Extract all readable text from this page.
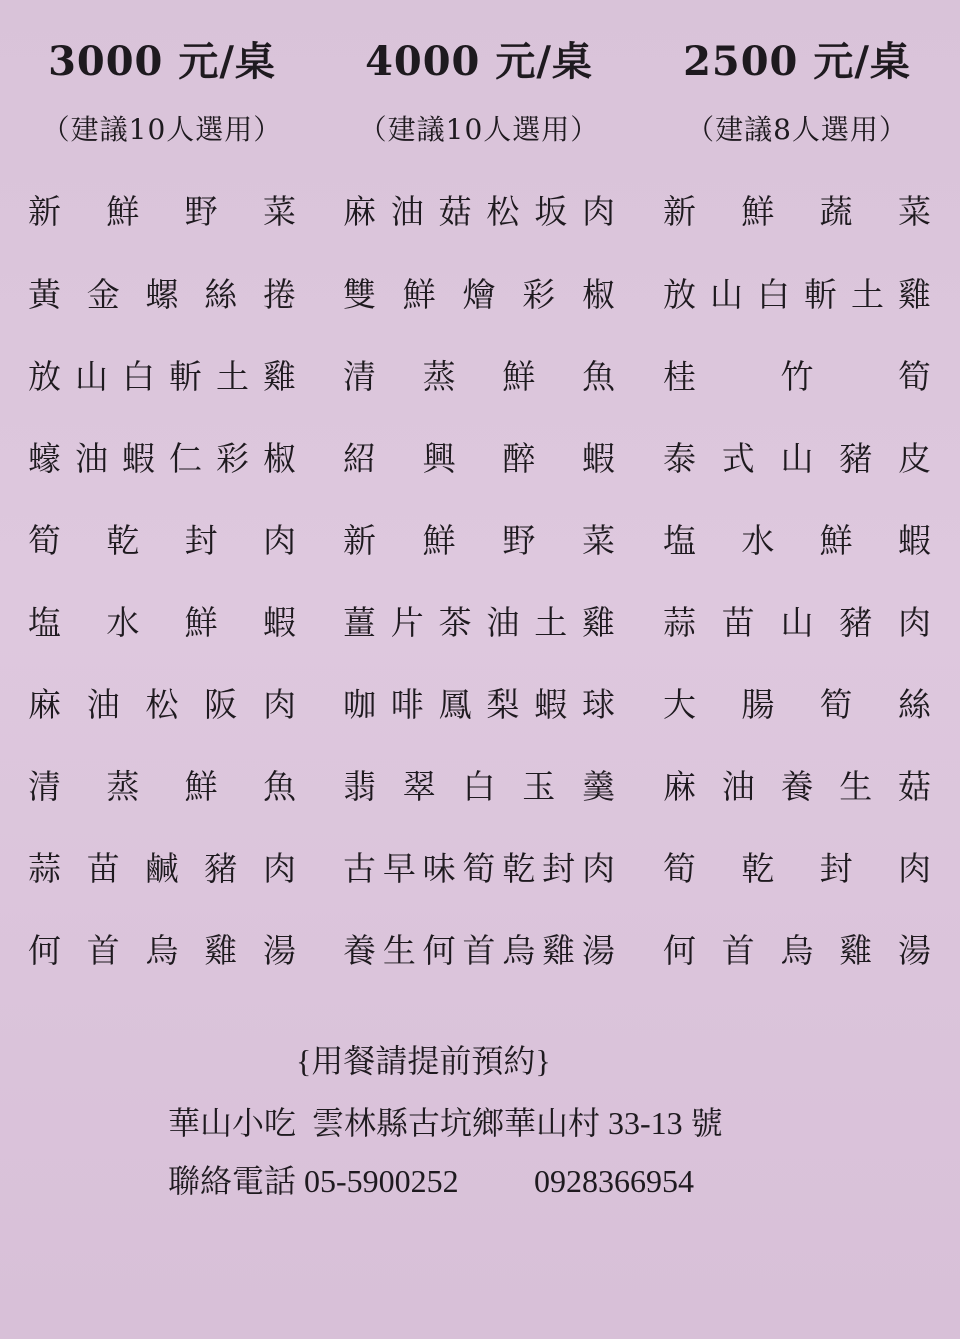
3000 元/桌
（建議10人選用）
新鮮野菜
黃金螺絲捲
放山白斬土雞
蠔油蝦仁彩椒
筍乾封肉
塩水鮮蝦
麻油松阪肉
清蒸鮮魚
蒜苗鹹豬肉
何首烏雞湯
4000 元/桌
（建議10人選用）
麻油菇松坂肉
雙鮮燴彩椒
清蒸鮮魚
紹興醉蝦
新鮮野菜
薑片茶油土雞
咖啡鳳梨蝦球
翡翠白玉羹
古早味筍乾封肉
養生何首烏雞湯
2500 元/桌
（建議8人選用）
新鮮蔬菜
放山白斬土雞
桂竹筍
泰式山豬皮
塩水鮮蝦
蒜苗山豬肉
大腸筍絲
麻油養生菇
筍乾封肉
何首烏雞湯
{用餐請提前預約}
華山小吃 雲林縣古坑鄉華山村 33-13 號
聯絡電話 05-5900252 0928366954
